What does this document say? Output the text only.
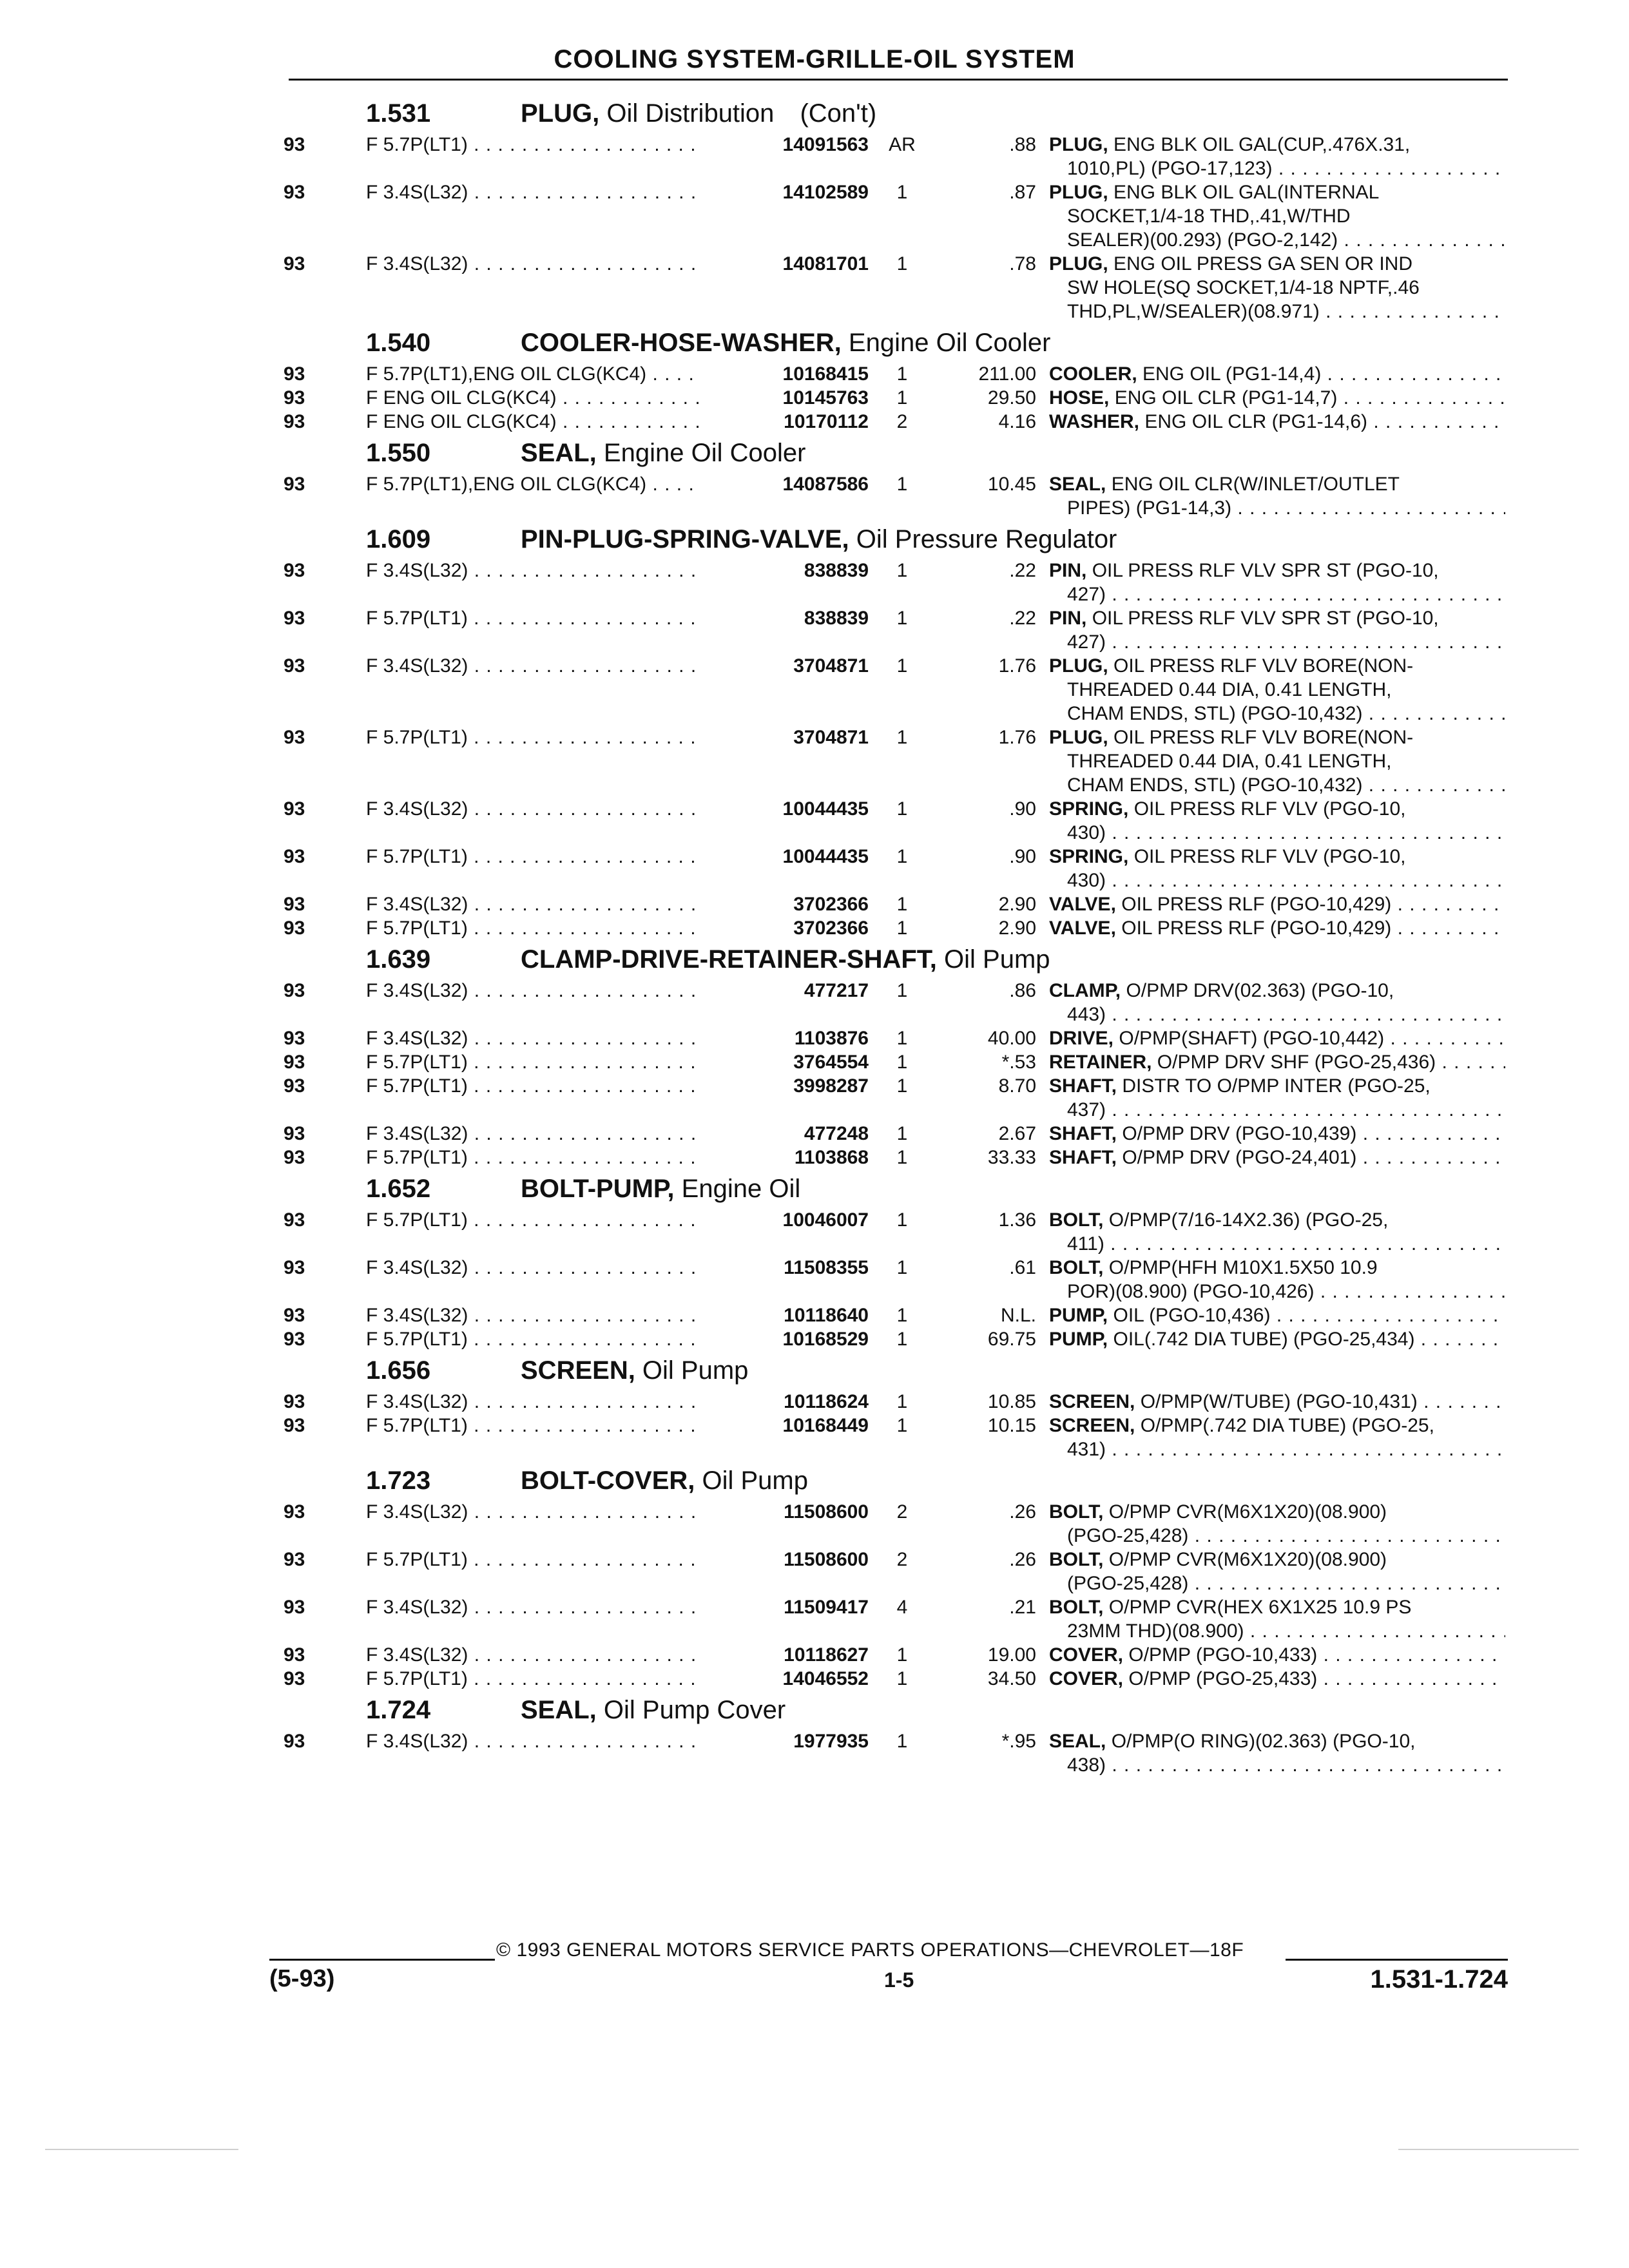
COOLING SYSTEM-GRILLE-OIL SYSTEM
1.531	PLUG, Oil Distribution (Con't)
93	F 5.7P(LT1) . . .	14091563	AR	.88 PLUG, ENG BLK OIL GAL(CUP,.476X.31,
1010,PL) (PGO-17,123) . . .
93	F 3.4S(L32) . . .	14102589	1	.87 PLUG, ENG BLK OIL GAL(INTERNAL
SOCKET,1/4-18 THD,.41,W/THD
SEALER)(00.293) (PGO-2,142) . . .
93	F 3.4S(L32) . . .	14081701	1	.78 PLUG, ENG OIL PRESS GA SEN OR IND
SW HOLE(SQ SOCKET,1/4-18 NPTF,.46
THD,PL,W/SEALER)(08.971) . . .
1.540	COOLER-HOSE-WASHER, Engine Oil Cooler
93	F 5.7P(LT1),ENG OIL CLG(KC4) . . .	10168415	1	211.00 COOLER, ENG OIL (PG1-14,4) . . .
93	F ENG OIL CLG(KC4) . . .	10145763	1	29.50 HOSE, ENG OIL CLR (PG1-14,7) . . .
93	F ENG OIL CLG(KC4) . . .	10170112	2	4.16 WASHER, ENG OIL CLR (PG1-14,6) . . .
1.550	SEAL, Engine Oil Cooler
93	F 5.7P(LT1),ENG OIL CLG(KC4) . . .	14087586	1	10.45 SEAL, ENG OIL CLR(W/INLET/OUTLET
PIPES) (PG1-14,3) . . .
1.609	PIN-PLUG-SPRING-VALVE, Oil Pressure Regulator
93	F 3.4S(L32) . . .	838839	1	.22 PIN, OIL PRESS RLF VLV SPR ST (PGO-10,
427) . . .
93	F 5.7P(LT1) . . .	838839	1	.22 PIN, OIL PRESS RLF VLV SPR ST (PGO-10,
427) . . .
93	F 3.4S(L32) . . .	3704871	1	1.76 PLUG, OIL PRESS RLF VLV BORE(NON-
THREADED 0.44 DIA, 0.41 LENGTH,
CHAM ENDS, STL) (PGO-10,432) . . .
93	F 5.7P(LT1) . . .	3704871	1	1.76 PLUG, OIL PRESS RLF VLV BORE(NON-
THREADED 0.44 DIA, 0.41 LENGTH,
CHAM ENDS, STL) (PGO-10,432) . . .
93	F 3.4S(L32) . . .	10044435	1	.90 SPRING, OIL PRESS RLF VLV (PGO-10,
430) . . .
93	F 5.7P(LT1) . . .	10044435	1	.90 SPRING, OIL PRESS RLF VLV (PGO-10,
430) . . .
93	F 3.4S(L32) . . .	3702366	1	2.90 VALVE, OIL PRESS RLF (PGO-10,429) . . .
93	F 5.7P(LT1) . . .	3702366	1	2.90 VALVE, OIL PRESS RLF (PGO-10,429) . . .
1.639	CLAMP-DRIVE-RETAINER-SHAFT, Oil Pump
93	F 3.4S(L32) . . .	477217	1	.86 CLAMP, O/PMP DRV(02.363) (PGO-10,
443) . . .
93	F 3.4S(L32) . . .	1103876	1	40.00 DRIVE, O/PMP(SHAFT) (PGO-10,442) . . .
93	F 5.7P(LT1) . . .	3764554	1	*.53 RETAINER, O/PMP DRV SHF (PGO-25,436) . . .
93	F 5.7P(LT1) . . .	3998287	1	8.70 SHAFT, DISTR TO O/PMP INTER (PGO-25,
437) . . .
93	F 3.4S(L32) . . .	477248	1	2.67 SHAFT, O/PMP DRV (PGO-10,439) . . .
93	F 5.7P(LT1) . . .	1103868	1	33.33 SHAFT, O/PMP DRV (PGO-24,401) . . .
1.652	BOLT-PUMP, Engine Oil
93	F 5.7P(LT1) . . .	10046007	1	1.36 BOLT, O/PMP(7/16-14X2.36) (PGO-25,
411) . . .
93	F 3.4S(L32) . . .	11508355	1	.61 BOLT, O/PMP(HFH M10X1.5X50 10.9
POR)(08.900) (PGO-10,426) . . .
93	F 3.4S(L32) . . .	10118640	1	N.L. PUMP, OIL (PGO-10,436) . . .
93	F 5.7P(LT1) . . .	10168529	1	69.75 PUMP, OIL(.742 DIA TUBE) (PGO-25,434) . . .
1.656	SCREEN, Oil Pump
93	F 3.4S(L32) . . .	10118624	1	10.85 SCREEN, O/PMP(W/TUBE) (PGO-10,431) . . .
93	F 5.7P(LT1) . . .	10168449	1	10.15 SCREEN, O/PMP(.742 DIA TUBE) (PGO-25,
431) . . .
1.723	BOLT-COVER, Oil Pump
93	F 3.4S(L32) . . .	11508600	2	.26 BOLT, O/PMP CVR(M6X1X20)(08.900)
(PGO-25,428) . . .
93	F 5.7P(LT1) . . .	11508600	2	.26 BOLT, O/PMP CVR(M6X1X20)(08.900)
(PGO-25,428) . . .
93	F 3.4S(L32) . . .	11509417	4	.21 BOLT, O/PMP CVR(HEX 6X1X25 10.9 PS
23MM THD)(08.900) . . .
93	F 3.4S(L32) . . .	10118627	1	19.00 COVER, O/PMP (PGO-10,433) . . .
93	F 5.7P(LT1) . . .	14046552	1	34.50 COVER, O/PMP (PGO-25,433) . . .
1.724	SEAL, Oil Pump Cover
93	F 3.4S(L32) . . .	1977935	1	*.95 SEAL, O/PMP(O RING)(02.363) (PGO-10,
438) . . .
© 1993 GENERAL MOTORS SERVICE PARTS OPERATIONS—CHEVROLET—18F
(5-93)	1-5	1.531-1.724
